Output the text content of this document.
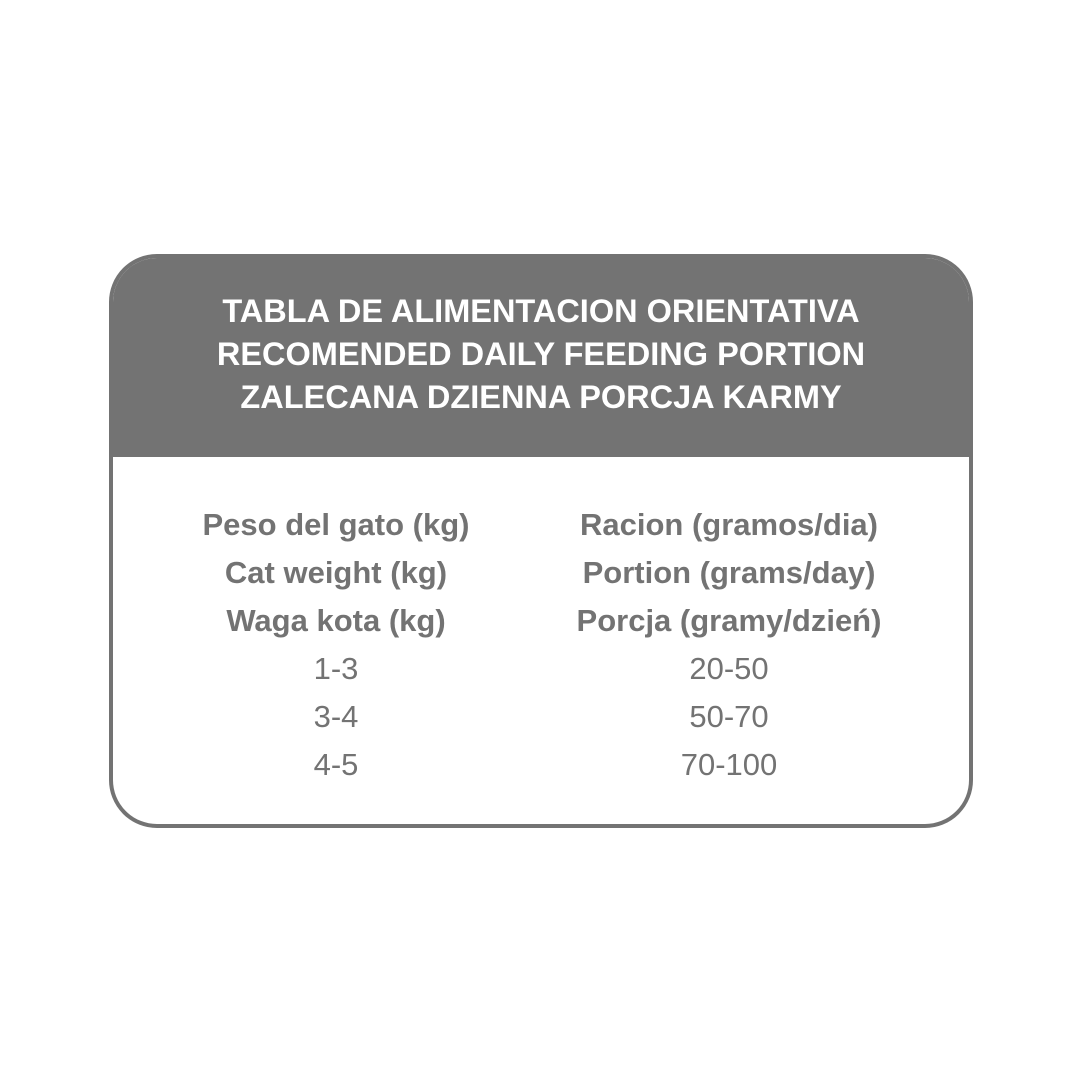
TABLA DE ALIMENTACION ORIENTATIVA
RECOMENDED DAILY FEEDING PORTION
ZALECANA DZIENNA PORCJA KARMY
Peso del gato (kg)
Cat weight (kg)
Waga kota (kg)
1-3
3-4
4-5
Racion (gramos/dia)
Portion (grams/day)
Porcja (gramy/dzień)
20-50
50-70
70-100
